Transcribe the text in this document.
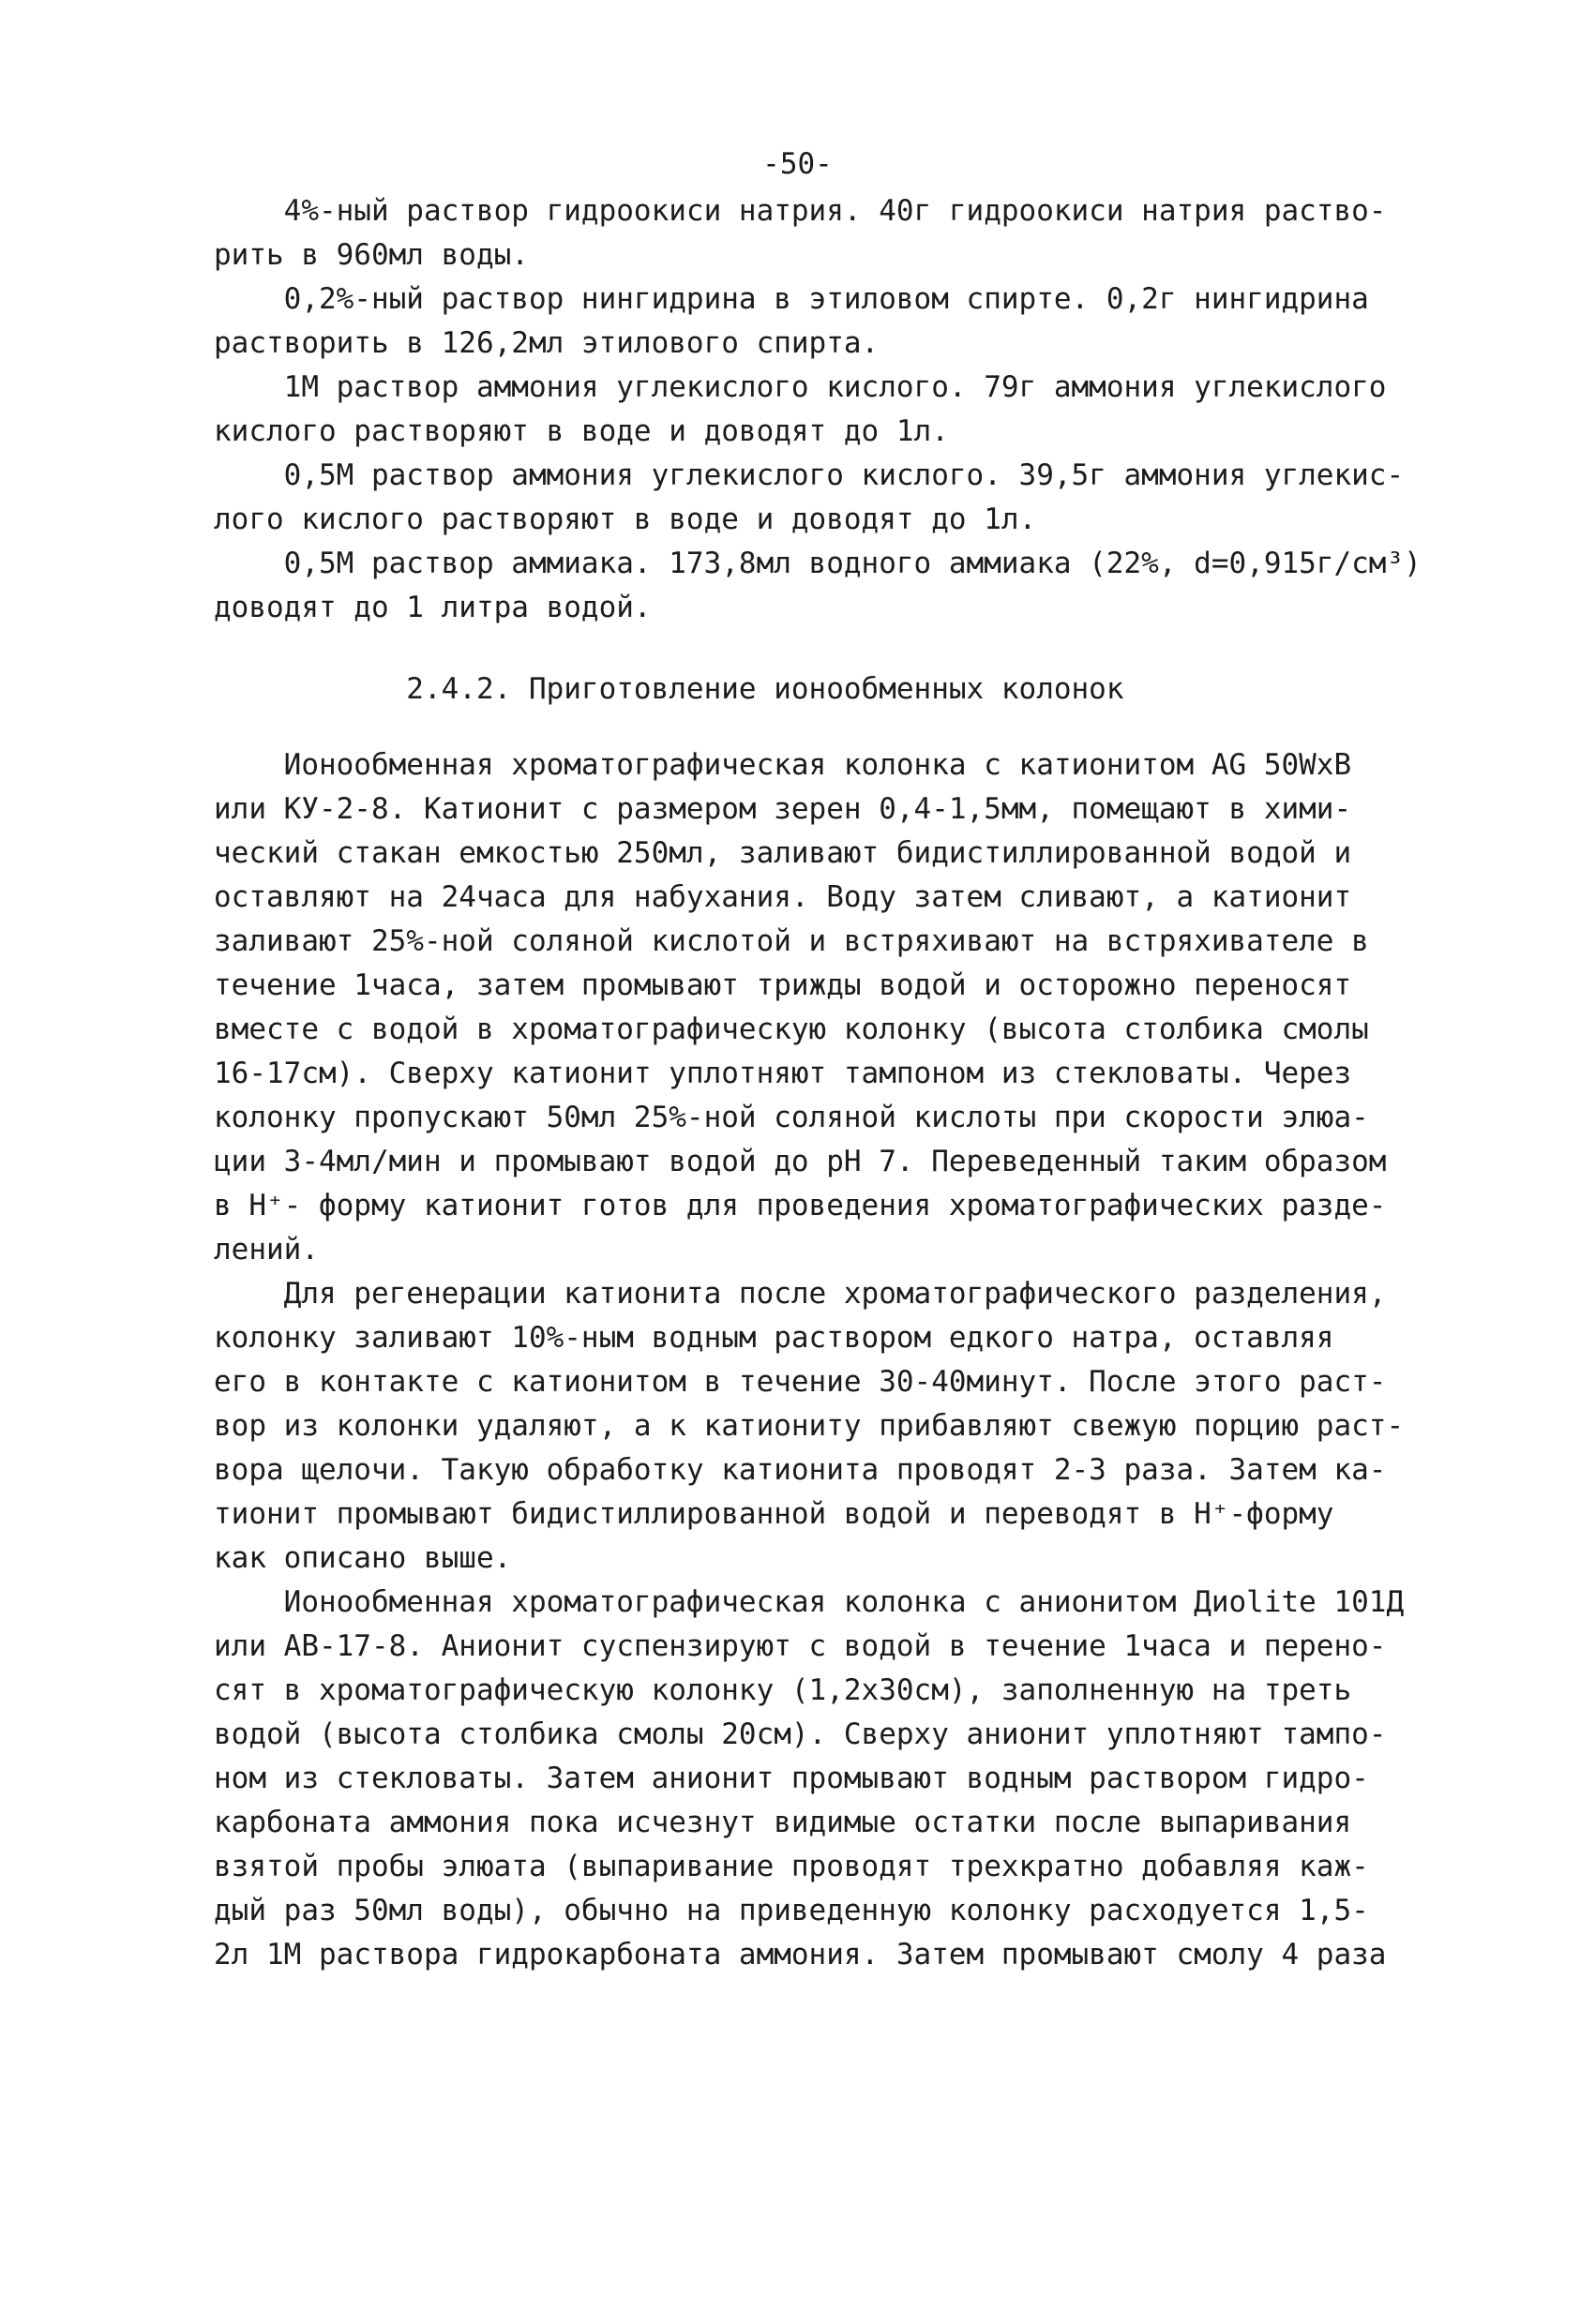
-50-
4%-ный раствор гидроокиси натрия. 40г гидроокиси натрия раство-
рить в 960мл воды.
0,2%-ный раствор нингидрина в этиловом спирте. 0,2г нингидрина
растворить в 126,2мл этилового спирта.
1М раствор аммония углекислого кислого. 79г аммония углекислого
кислого растворяют в воде и доводят до 1л.
0,5М раствор аммония углекислого кислого. 39,5г аммония углекис-
лого кислого растворяют в воде и доводят до 1л.
0,5М раствор аммиака. 173,8мл водного аммиака (22%, d=0,915г/см³)
доводят до 1 литра водой.
2.4.2. Приготовление ионообменных колонок
Ионообменная хроматографическая колонка с катионитом AG 50WxB
или КУ-2-8. Катионит с размером зерен 0,4-1,5мм, помещают в хими-
ческий стакан емкостью 250мл, заливают бидистиллированной водой и
оставляют на 24часа для набухания. Воду затем сливают, а катионит
заливают 25%-ной соляной кислотой и встряхивают на встряхивателе в
течение 1часа, затем промывают трижды водой и осторожно переносят
вместе с водой в хроматографическую колонку (высота столбика смолы
16-17см). Сверху катионит уплотняют тампоном из стекловаты. Через
колонку пропускают 50мл 25%-ной соляной кислоты при скорости элюа-
ции 3-4мл/мин и промывают водой до pH 7. Переведенный таким образом
в H⁺- форму катионит готов для проведения хроматографических разде-
лений.
Для регенерации катионита после хроматографического разделения,
колонку заливают 10%-ным водным раствором едкого натра, оставляя
его в контакте с катионитом в течение 30-40минут. После этого раст-
вор из колонки удаляют, а к катиониту прибавляют свежую порцию раст-
вора щелочи. Такую обработку катионита проводят 2-3 раза. Затем ка-
тионит промывают бидистиллированной водой и переводят в H⁺-форму
как описано выше.
Ионообменная хроматографическая колонка с анионитом Диоlite 101Д
или АВ-17-8. Анионит суспензируют с водой в течение 1часа и перено-
сят в хроматографическую колонку (1,2х30см), заполненную на треть
водой (высота столбика смолы 20см). Сверху анионит уплотняют тампо-
ном из стекловаты. Затем анионит промывают водным раствором гидро-
карбоната аммония пока исчезнут видимые остатки после выпаривания
взятой пробы элюата (выпаривание проводят трехкратно добавляя каж-
дый раз 50мл воды), обычно на приведенную колонку расходуется 1,5-
2л 1М раствора гидрокарбоната аммония. Затем промывают смолу 4 раза
